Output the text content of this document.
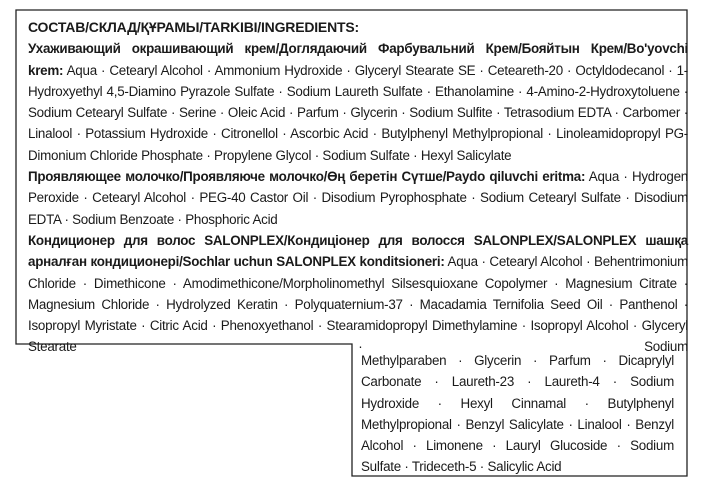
СОСТАВ/СКЛАД/ҚҰРАМЫ/TARKIBI/INGREDIENTS:
Ухаживающий окрашивающий крем/Доглядаючий Фарбувальний Крем/Бояйтын Крем/Bo'yovchi krem: Aqua · Cetearyl Alcohol · Ammonium Hydroxide · Glyceryl Stearate SE · Ceteareth-20 · Octyldodecanol · 1-Hydroxyethyl 4,5-Diamino Pyrazole Sulfate · Sodium Laureth Sulfate · Ethanolamine · 4-Amino-2-Hydroxytoluene · Sodium Cetearyl Sulfate · Serine · Oleic Acid · Parfum · Glycerin · Sodium Sulfite · Tetrasodium EDTA · Carbomer · Linalool · Potassium Hydroxide · Citronellol · Ascorbic Acid · Butylphenyl Methylpropional · Linoleamidopropyl PG-Dimonium Chloride Phosphate · Propylene Glycol · Sodium Sulfate · Hexyl Salicylate
Проявляющее молочко/Проявляюче молочко/Өң беретін Сүтше/Paydo qiluvchi eritma: Aqua · Hydrogen Peroxide · Cetearyl Alcohol · PEG-40 Castor Oil · Disodium Pyrophosphate · Sodium Cetearyl Sulfate · Disodium EDTA · Sodium Benzoate · Phosphoric Acid
Кондиционер для волос SALONPLEX/Кондиціонер для волосся SALONPLEX/SALONPLEX шашқа арналған кондиционері/Sochlar uchun SALONPLEX konditsioneri: Aqua · Cetearyl Alcohol · Behentrimonium Chloride · Dimethicone · Amodimethicone/Morpholinomethyl Silsesquioxane Copolymer · Magnesium Citrate · Magnesium Chloride · Hydrolyzed Keratin · Polyquaternium-37 · Macadamia Ternifolia Seed Oil · Panthenol · Isopropyl Myristate · Citric Acid · Phenoxyethanol · Stearamidopropyl Dimethylamine · Isopropyl Alcohol · Glyceryl Stearate · Sodium
Methylparaben · Glycerin · Parfum · Dicaprylyl Carbonate · Laureth-23 · Laureth-4 · Sodium Hydroxide · Hexyl Cinnamal · Butylphenyl Methylpropional · Benzyl Salicylate · Linalool · Benzyl Alcohol · Limonene · Lauryl Glucoside · Sodium Sulfate · Trideceth-5 · Salicylic Acid
